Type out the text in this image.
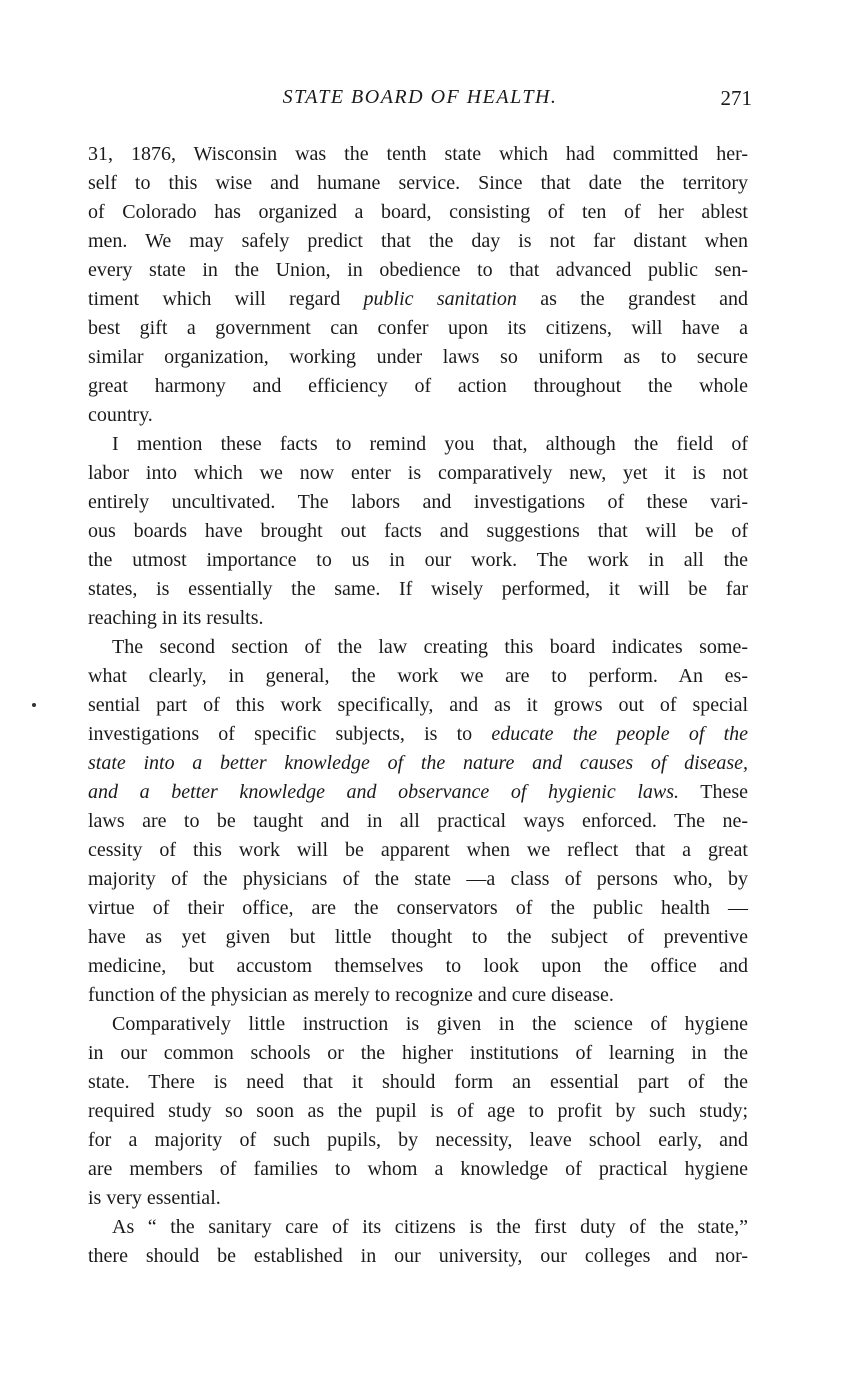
STATE BOARD OF HEALTH.	271
31, 1876, Wisconsin was the tenth state which had committed her-
self to this wise and humane service. Since that date the territory
of Colorado has organized a board, consisting of ten of her ablest
men. We may safely predict that the day is not far distant when
every state in the Union, in obedience to that advanced public sen-
timent which will regard public sanitation as the grandest and
best gift a government can confer upon its citizens, will have a
similar organization, working under laws so uniform as to secure
great harmony and efficiency of action throughout the whole
country.
I mention these facts to remind you that, although the field of
labor into which we now enter is comparatively new, yet it is not
entirely uncultivated. The labors and investigations of these vari-
ous boards have brought out facts and suggestions that will be of
the utmost importance to us in our work. The work in all the
states, is essentially the same. If wisely performed, it will be far
reaching in its results.
The second section of the law creating this board indicates some-
what clearly, in general, the work we are to perform. An es-
sential part of this work specifically, and as it grows out of special
investigations of specific subjects, is to educate the people of the
state into a better knowledge of the nature and causes of disease,
and a better knowledge and observance of hygienic laws. These
laws are to be taught and in all practical ways enforced. The ne-
cessity of this work will be apparent when we reflect that a great
majority of the physicians of the state —a class of persons who, by
virtue of their office, are the conservators of the public health —
have as yet given but little thought to the subject of preventive
medicine, but accustom themselves to look upon the office and
function of the physician as merely to recognize and cure disease.
Comparatively little instruction is given in the science of hygiene
in our common schools or the higher institutions of learning in the
state. There is need that it should form an essential part of the
required study so soon as the pupil is of age to profit by such study;
for a majority of such pupils, by necessity, leave school early, and
are members of families to whom a knowledge of practical hygiene
is very essential.
As “ the sanitary care of its citizens is the first duty of the state,”
there should be established in our university, our colleges and nor-
